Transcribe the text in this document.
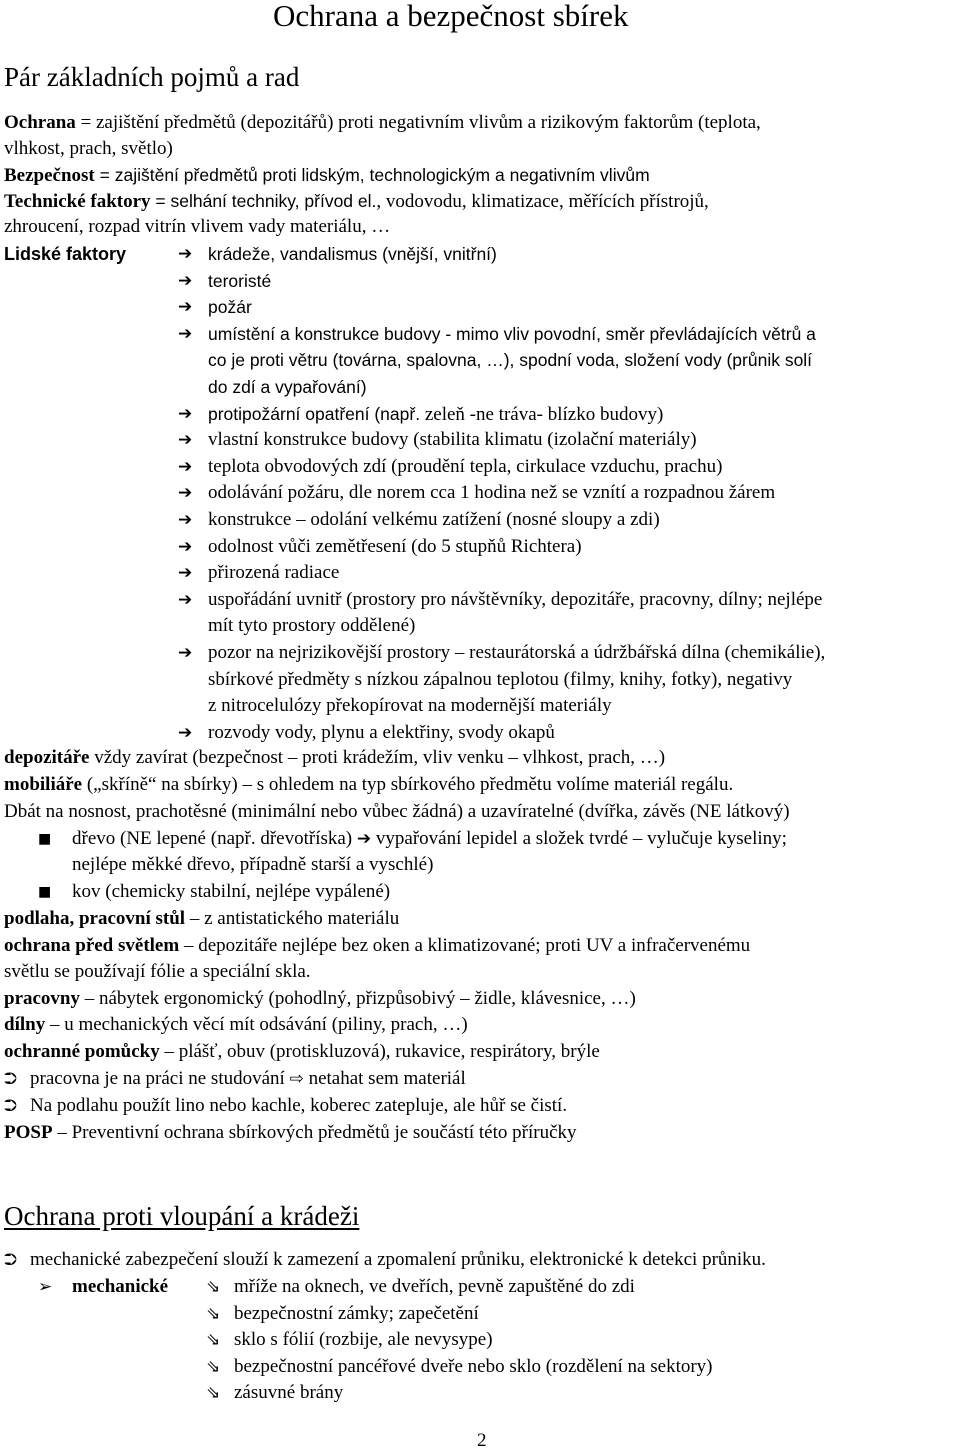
Ochrana a bezpečnost sbírek
Pár základních pojmů a rad
Ochrana = zajištění předmětů (depozitářů) proti negativním vlivům a rizikovým faktorům (teplota,
vlhkost, prach, světlo)
Bezpečnost = zajištění předmětů proti lidským, technologickým a negativním vlivům
Technické faktory = selhání techniky, přívod el., vodovodu, klimatizace, měřících přístrojů,
zhroucení, rozpad vitrín vlivem vady materiálu, …
Lidské faktory	➔ krádeže, vandalismus (vnější, vnitřní)
➔ teroristé
➔ požár
➔ umístění a konstrukce budovy - mimo vliv povodní, směr převládajících větrů a
co je proti větru (továrna, spalovna, …), spodní voda, složení vody (průnik solí
do zdí a vypařování)
➔ protipožární opatření (např. zeleň -ne tráva- blízko budovy)
➔ vlastní konstrukce budovy (stabilita klimatu (izolační materiály)
➔ teplota obvodových zdí (proudění tepla, cirkulace vzduchu, prachu)
➔ odolávání požáru, dle norem cca 1 hodina než se vznítí a rozpadnou žárem
➔ konstrukce – odolání velkému zatížení (nosné sloupy a zdi)
➔ odolnost vůči zemětřesení (do 5 stupňů Richtera)
➔ přirozená radiace
➔ uspořádání uvnitř (prostory pro návštěvníky, depozitáře, pracovny, dílny; nejlépe
mít tyto prostory oddělené)
➔ pozor na nejrizikovější prostory – restaurátorská a údržbářská dílna (chemikálie),
sbírkové předměty s nízkou zápalnou teplotou (filmy, knihy, fotky), negativy
z nitrocelulózy překopírovat na modernější materiály
➔ rozvody vody, plynu a elektřiny, svody okapů
depozitáře vždy zavírat (bezpečnost – proti krádežím, vliv venku – vlhkost, prach, …)
mobiliáře („skříně“ na sbírky) – s ohledem na typ sbírkového předmětu volíme materiál regálu.
Dbát na nosnost, prachotěsné (minimální nebo vůbec žádná) a uzavíratelné (dvířka, závěs (NE látkový)
■ dřevo (NE lepené (např. dřevotříska) ➔ vypařování lepidel a složek tvrdé – vylučuje kyseliny;
nejlépe měkké dřevo, případně starší a vyschlé)
■ kov (chemicky stabilní, nejlépe vypálené)
podlaha, pracovní stůl – z antistatického materiálu
ochrana před světlem – depozitáře nejlépe bez oken a klimatizované; proti UV a infračervenému
světlu se používají fólie a speciální skla.
pracovny – nábytek ergonomický (pohodlný, přizpůsobivý – židle, klávesnice, …)
dílny – u mechanických věcí mít odsávání (piliny, prach, …)
ochranné pomůcky – plášť, obuv (protiskluzová), rukavice, respirátory, brýle
⮊ pracovna je na práci ne studování ⇨ netahat sem materiál
⮊ Na podlahu použít lino nebo kachle, koberec zatepluje, ale hůř se čistí.
POSP – Preventivní ochrana sbírkových předmětů je součástí této příručky
Ochrana proti vloupání a krádeži
⮊ mechanické zabezpečení slouží k zamezení a zpomalení průniku, elektronické k detekci průniku.
➢ mechanické ⇘ mříže na oknech, ve dveřích, pevně zapuštěné do zdi
⇘ bezpečnostní zámky; zapečetění
⇘ sklo s fólií (rozbije, ale nevysype)
⇘ bezpečnostní pancéřové dveře nebo sklo (rozdělení na sektory)
⇘ zásuvné brány
2
